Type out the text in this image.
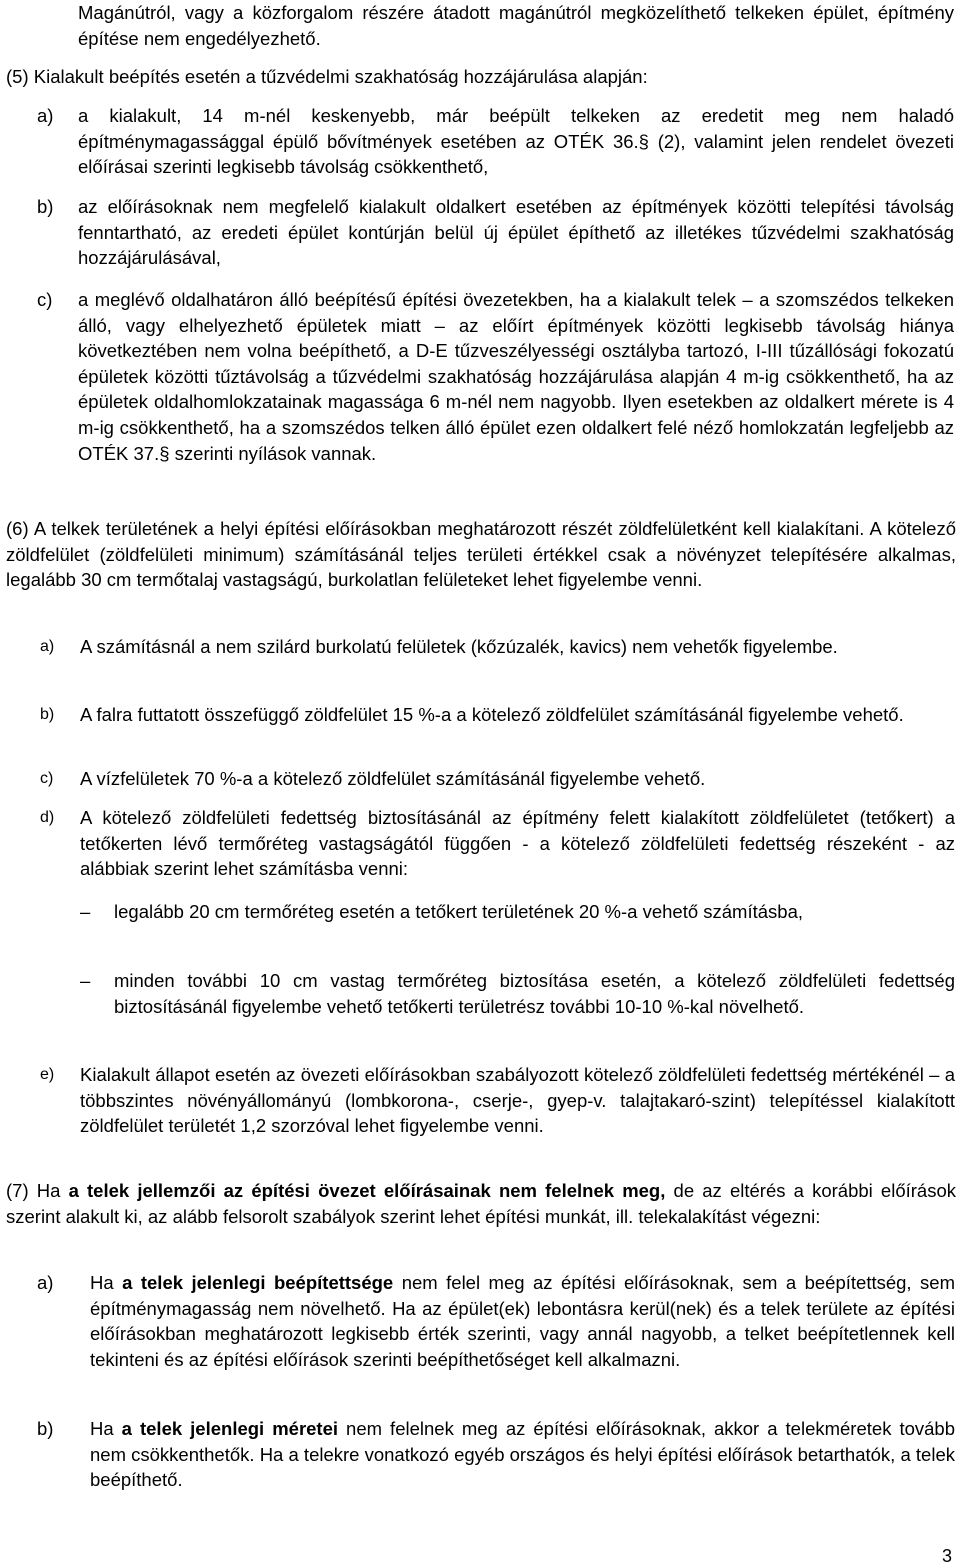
Magánútról, vagy a közforgalom részére átadott magánútról megközelíthető telkeken épület, építmény építése nem engedélyezhető.
(5) Kialakult beépítés esetén a tűzvédelmi szakhatóság hozzájárulása alapján:
a) a kialakult, 14 m-nél keskenyebb, már beépült telkeken az eredetit meg nem haladó építménymagassággal épülő bővítmények esetében az OTÉK 36.§ (2), valamint jelen rendelet övezeti előírásai szerinti legkisebb távolság csökkenthető,
b) az előírásoknak nem megfelelő kialakult oldalkert esetében az építmények közötti telepítési távolság fenntartható, az eredeti épület kontúrján belül új épület építhető az illetékes tűzvédelmi szakhatóság hozzájárulásával,
c) a meglévő oldalhatáron álló beépítésű építési övezetekben, ha a kialakult telek – a szomszédos telkeken álló, vagy elhelyezhető épületek miatt – az előírt építmények közötti legkisebb távolság hiánya következtében nem volna beépíthető, a D-E tűzveszélyességi osztályba tartozó, I-III tűzállósági fokozatú épületek közötti tűztávolság a tűzvédelmi szakhatóság hozzájárulása alapján 4 m-ig csökkenthető, ha az épületek oldalhomlokzatainak magassága 6 m-nél nem nagyobb. Ilyen esetekben az oldalkert mérete is 4 m-ig csökkenthető, ha a szomszédos telken álló épület ezen oldalkert felé néző homlokzatán legfeljebb az OTÉK 37.§ szerinti nyílások vannak.
(6) A telkek területének a helyi építési előírásokban meghatározott részét zöldfelületként kell kialakítani. A kötelező zöldfelület (zöldfelületi minimum) számításánál teljes területi értékkel csak a növényzet telepítésére alkalmas, legalább 30 cm termőtalaj vastagságú, burkolatlan felületeket lehet figyelembe venni.
a) A számításnál a nem szilárd burkolatú felületek (kőzúzalék, kavics) nem vehetők figyelembe.
b) A falra futtatott összefüggő zöldfelület 15 %-a a kötelező zöldfelület számításánál figyelembe vehető.
c) A vízfelületek 70 %-a a kötelező zöldfelület számításánál figyelembe vehető.
d) A kötelező zöldfelületi fedettség biztosításánál az építmény felett kialakított zöldfelületet (tetőkert) a tetőkerten lévő termőréteg vastagságától függően - a kötelező zöldfelületi fedettség részeként - az alábbiak szerint lehet számításba venni:
– legalább 20 cm termőréteg esetén a tetőkert területének 20 %-a vehető számításba,
– minden további 10 cm vastag termőréteg biztosítása esetén, a kötelező zöldfelületi fedettség biztosításánál figyelembe vehető tetőkerti területrész további 10-10 %-kal növelhető.
e) Kialakult állapot esetén az övezeti előírásokban szabályozott kötelező zöldfelületi fedettség mértékénél – a többszintes növényállományú (lombkorona-, cserje-, gyep-v. talajtakaró-szint) telepítéssel kialakított zöldfelület területét 1,2 szorzóval lehet figyelembe venni.
(7) Ha a telek jellemzői az építési övezet előírásainak nem felelnek meg, de az eltérés a korábbi előírások szerint alakult ki, az alább felsorolt szabályok szerint lehet építési munkát, ill. telekalakítást végezni:
a) Ha a telek jelenlegi beépítettsége nem felel meg az építési előírásoknak, sem a beépítettség, sem építménymagasság nem növelhető. Ha az épület(ek) lebontásra kerül(nek) és a telek területe az építési előírásokban meghatározott legkisebb érték szerinti, vagy annál nagyobb, a telket beépítetlennek kell tekinteni és az építési előírások szerinti beépíthetőséget kell alkalmazni.
b) Ha a telek jelenlegi méretei nem felelnek meg az építési előírásoknak, akkor a telekméretek tovább nem csökkenthetők. Ha a telekre vonatkozó egyéb országos és helyi építési előírások betarthatók, a telek beépíthető.
3
